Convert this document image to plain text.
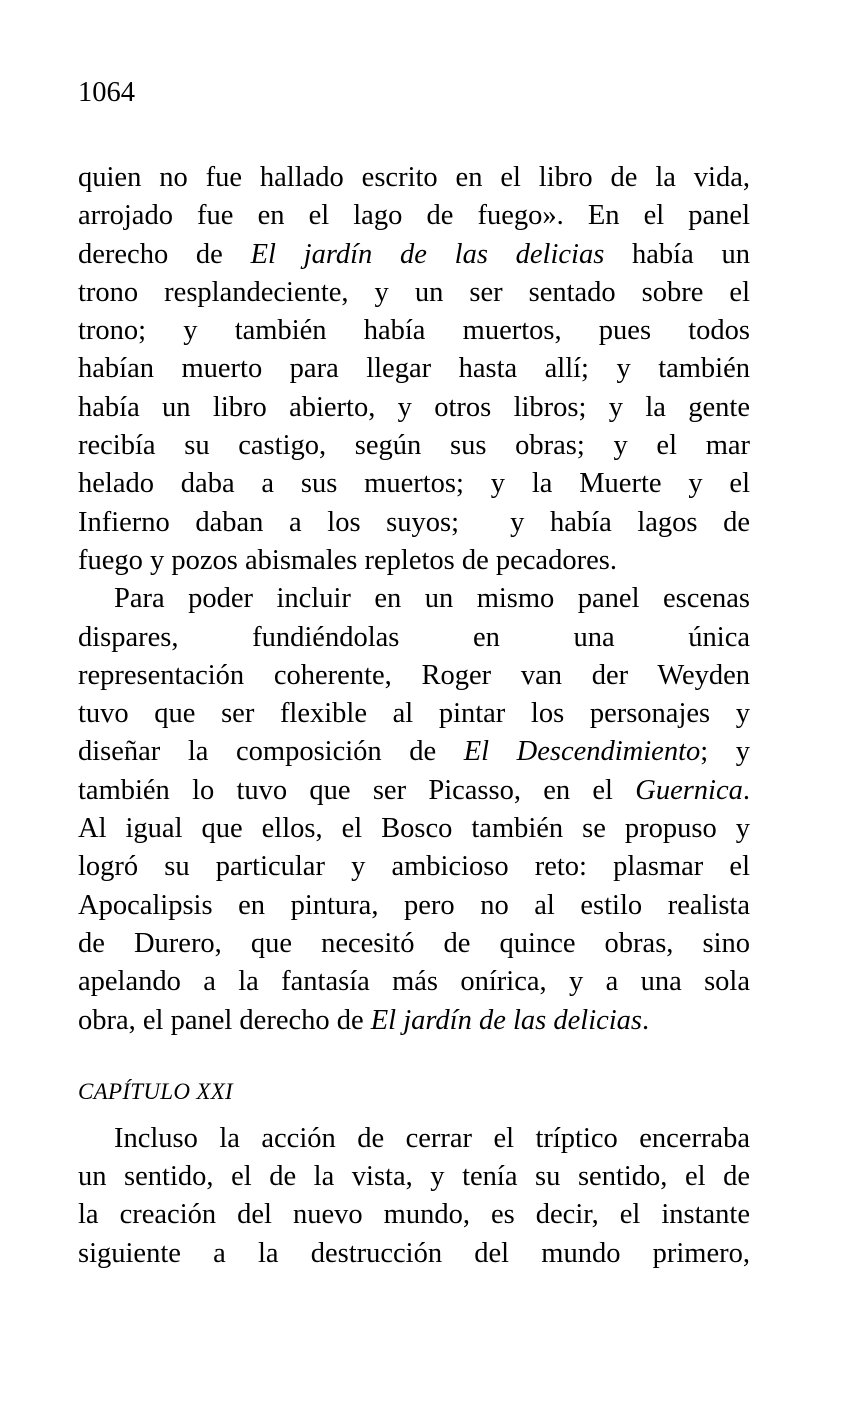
1064
quien no fue hallado escrito en el libro de la vida,
arrojado fue en el lago de fuego». En el panel
derecho de El jardín de las delicias había un
trono resplandeciente, y un ser sentado sobre el
trono; y también había muertos, pues todos
habían muerto para llegar hasta allí; y también
había un libro abierto, y otros libros; y la gente
recibía su castigo, según sus obras; y el mar
helado daba a sus muertos; y la Muerte y el
Infierno daban a los suyos;  y había lagos de
fuego y pozos abismales repletos de pecadores.
Para poder incluir en un mismo panel escenas
dispares, fundiéndolas en una única
representación coherente, Roger van der Weyden
tuvo que ser flexible al pintar los personajes y
diseñar la composición de El Descendimiento; y
también lo tuvo que ser Picasso, en el Guernica.
Al igual que ellos, el Bosco también se propuso y
logró su particular y ambicioso reto: plasmar el
Apocalipsis en pintura, pero no al estilo realista
de Durero, que necesitó de quince obras, sino
apelando a la fantasía más onírica, y a una sola
obra, el panel derecho de El jardín de las delicias.
CAPÍTULO XXI
Incluso la acción de cerrar el tríptico encerraba
un sentido, el de la vista, y tenía su sentido, el de
la creación del nuevo mundo, es decir, el instante
siguiente a la destrucción del mundo primero,
